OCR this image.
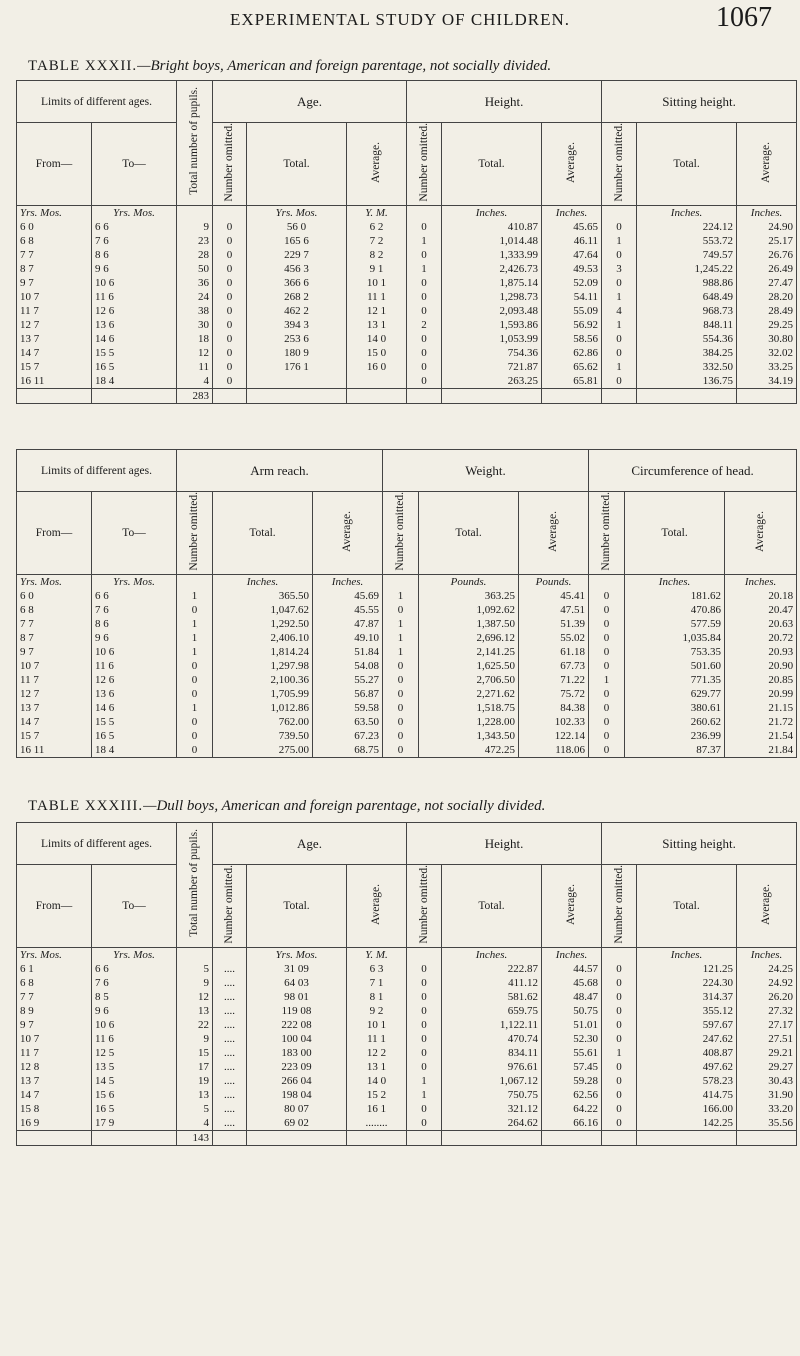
EXPERIMENTAL STUDY OF CHILDREN.	1067
TABLE XXXII.—Bright boys, American and foreign parentage, not socially divided.
Limits of different ages.		Total number of pupils.	Age.			Height.			Sitting height.		
From—	To—		Number omitted.	Total.	Average.	Number omitted.	Total.	Average.	Number omitted.	Total.	Average.
Yrs. Mos.	Yrs. Mos.			Yrs. Mos.	Y. M.		Inches.	Inches.		Inches.	Inches.
6 0	6 6	9	0	56 0	6 2	0	410.87	45.65	0	224.12	24.90
6 8	7 6	23	0	165 6	7 2	1	1,014.48	46.11	1	553.72	25.17
7 7	8 6	28	0	229 7	8 2	0	1,333.99	47.64	0	749.57	26.76
8 7	9 6	50	0	456 3	9 1	1	2,426.73	49.53	3	1,245.22	26.49
9 7	10 6	36	0	366 6	10 1	0	1,875.14	52.09	0	988.86	27.47
10 7	11 6	24	0	268 2	11 1	0	1,298.73	54.11	1	648.49	28.20
11 7	12 6	38	0	462 2	12 1	0	2,093.48	55.09	4	968.73	28.49
12 7	13 6	30	0	394 3	13 1	2	1,593.86	56.92	1	848.11	29.25
13 7	14 6	18	0	253 6	14 0	0	1,053.99	58.56	0	554.36	30.80
14 7	15 5	12	0	180 9	15 0	0	754.36	62.86	0	384.25	32.02
15 7	16 5	11	0	176 1	16 0	0	721.87	65.62	1	332.50	33.25
16 11	18 4	4	0			0	263.25	65.81	0	136.75	34.19
		283									
Limits of different ages.		Arm reach.			Weight.			Circumference of head.		
From—	To—	Number omitted.	Total.	Average.	Number omitted.	Total.	Average.	Number omitted.	Total.	Average.
Yrs. Mos.	Yrs. Mos.		Inches.	Inches.		Pounds.	Pounds.		Inches.	Inches.
6 0	6 6	1	365.50	45.69	1	363.25	45.41	0	181.62	20.18
6 8	7 6	0	1,047.62	45.55	0	1,092.62	47.51	0	470.86	20.47
7 7	8 6	1	1,292.50	47.87	1	1,387.50	51.39	0	577.59	20.63
8 7	9 6	1	2,406.10	49.10	1	2,696.12	55.02	0	1,035.84	20.72
9 7	10 6	1	1,814.24	51.84	1	2,141.25	61.18	0	753.35	20.93
10 7	11 6	0	1,297.98	54.08	0	1,625.50	67.73	0	501.60	20.90
11 7	12 6	0	2,100.36	55.27	0	2,706.50	71.22	1	771.35	20.85
12 7	13 6	0	1,705.99	56.87	0	2,271.62	75.72	0	629.77	20.99
13 7	14 6	1	1,012.86	59.58	0	1,518.75	84.38	0	380.61	21.15
14 7	15 5	0	762.00	63.50	0	1,228.00	102.33	0	260.62	21.72
15 7	16 5	0	739.50	67.23	0	1,343.50	122.14	0	236.99	21.54
16 11	18 4	0	275.00	68.75	0	472.25	118.06	0	87.37	21.84
TABLE XXXIII.—Dull boys, American and foreign parentage, not socially divided.
Limits of different ages.		Total number of pupils.	Age.			Height.			Sitting height.		
From—	To—		Number omitted.	Total.	Average.	Number omitted.	Total.	Average.	Number omitted.	Total.	Average.
Yrs. Mos.	Yrs. Mos.			Yrs. Mos.	Y. M.		Inches.	Inches.		Inches.	Inches.
6 1	6 6	5	....	31 09	6 3	0	222.87	44.57	0	121.25	24.25
6 8	7 6	9	....	64 03	7 1	0	411.12	45.68	0	224.30	24.92
7 7	8 5	12	....	98 01	8 1	0	581.62	48.47	0	314.37	26.20
8 9	9 6	13	....	119 08	9 2	0	659.75	50.75	0	355.12	27.32
9 7	10 6	22	....	222 08	10 1	0	1,122.11	51.01	0	597.67	27.17
10 7	11 6	9	....	100 04	11 1	0	470.74	52.30	0	247.62	27.51
11 7	12 5	15	....	183 00	12 2	0	834.11	55.61	1	408.87	29.21
12 8	13 5	17	....	223 09	13 1	0	976.61	57.45	0	497.62	29.27
13 7	14 5	19	....	266 04	14 0	1	1,067.12	59.28	0	578.23	30.43
14 7	15 6	13	....	198 04	15 2	1	750.75	62.56	0	414.75	31.90
15 8	16 5	5	....	80 07	16 1	0	321.12	64.22	0	166.00	33.20
16 9	17 9	4	....	69 02	........	0	264.62	66.16	0	142.25	35.56
		143									
